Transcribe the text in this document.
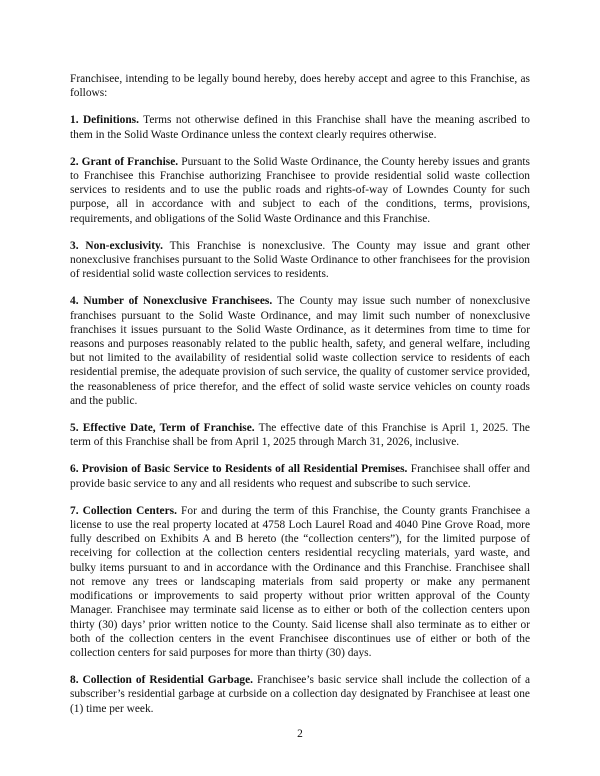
Franchisee, intending to be legally bound hereby, does hereby accept and agree to this Franchise, as follows:

1. Definitions. Terms not otherwise defined in this Franchise shall have the meaning ascribed to them in the Solid Waste Ordinance unless the context clearly requires otherwise.

2. Grant of Franchise. Pursuant to the Solid Waste Ordinance, the County hereby issues and grants to Franchisee this Franchise authorizing Franchisee to provide residential solid waste collection services to residents and to use the public roads and rights-of-way of Lowndes County for such purpose, all in accordance with and subject to each of the conditions, terms, provisions, requirements, and obligations of the Solid Waste Ordinance and this Franchise.

3. Non-exclusivity. This Franchise is nonexclusive. The County may issue and grant other nonexclusive franchises pursuant to the Solid Waste Ordinance to other franchisees for the provision of residential solid waste collection services to residents.

4. Number of Nonexclusive Franchisees. The County may issue such number of nonexclusive franchises pursuant to the Solid Waste Ordinance, and may limit such number of nonexclusive franchises it issues pursuant to the Solid Waste Ordinance, as it determines from time to time for reasons and purposes reasonably related to the public health, safety, and general welfare, including but not limited to the availability of residential solid waste collection service to residents of each residential premise, the adequate provision of such service, the quality of customer service provided, the reasonableness of price therefor, and the effect of solid waste service vehicles on county roads and the public.

5. Effective Date, Term of Franchise. The effective date of this Franchise is April 1, 2025. The term of this Franchise shall be from April 1, 2025 through March 31, 2026, inclusive.

6. Provision of Basic Service to Residents of all Residential Premises. Franchisee shall offer and provide basic service to any and all residents who request and subscribe to such service.

7. Collection Centers. For and during the term of this Franchise, the County grants Franchisee a license to use the real property located at 4758 Loch Laurel Road and 4040 Pine Grove Road, more fully described on Exhibits A and B hereto (the “collection centers”), for the limited purpose of receiving for collection at the collection centers residential recycling materials, yard waste, and bulky items pursuant to and in accordance with the Ordinance and this Franchise. Franchisee shall not remove any trees or landscaping materials from said property or make any permanent modifications or improvements to said property without prior written approval of the County Manager. Franchisee may terminate said license as to either or both of the collection centers upon thirty (30) days’ prior written notice to the County. Said license shall also terminate as to either or both of the collection centers in the event Franchisee discontinues use of either or both of the collection centers for said purposes for more than thirty (30) days.

8. Collection of Residential Garbage. Franchisee’s basic service shall include the collection of a subscriber’s residential garbage at curbside on a collection day designated by Franchisee at least one (1) time per week.

2
